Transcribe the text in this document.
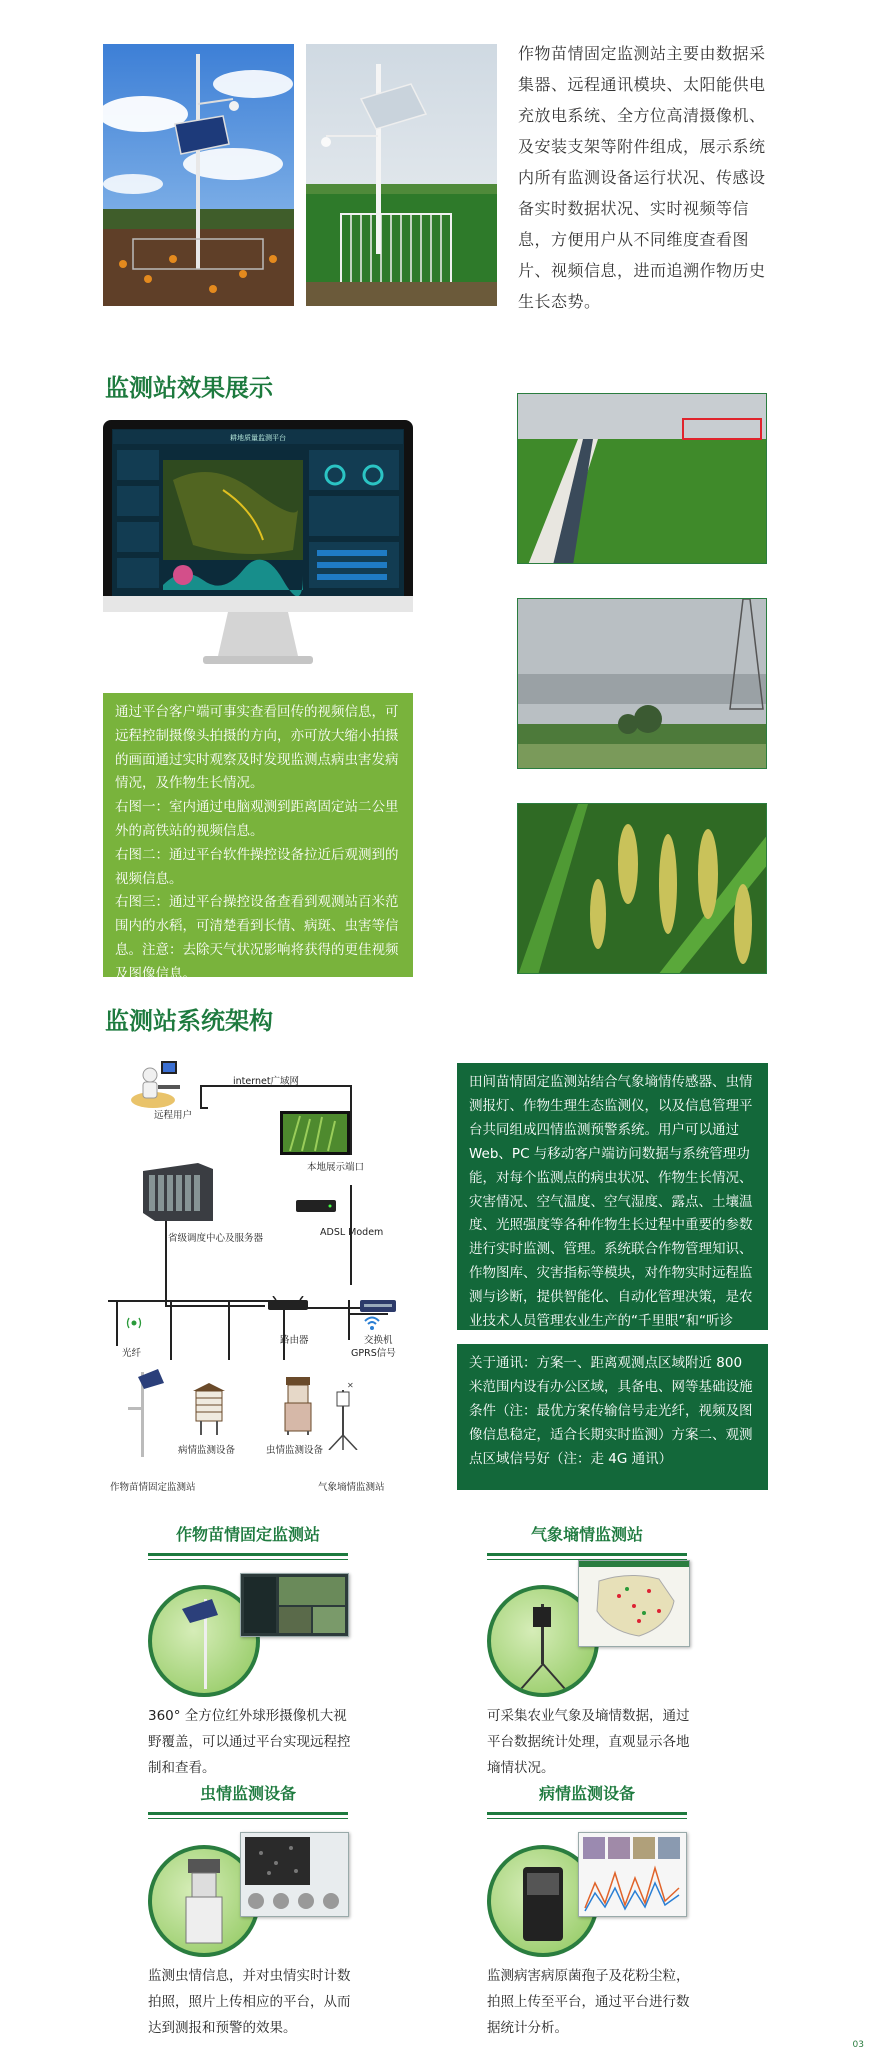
作物苗情固定监测站主要由数据采集器、远程通讯模块、太阳能供电充放电系统、全方位高清摄像机、及安装支架等附件组成，展示系统内所有监测设备运行状况、传感设备实时数据状况、实时视频等信息，方便用户从不同维度查看图片、视频信息，进而追溯作物历史生长态势。
监测站效果展示
耕地质量监测平台

通过平台客户端可事实查看回传的视频信息，可远程控制摄像头拍摄的方向，亦可放大缩小拍摄的画面通过实时观察及时发现监测点病虫害发病情况，及作物生长情况。

右图一：室内通过电脑观测到距离固定站二公里外的高铁站的视频信息。

右图二：通过平台软件操控设备拉近后观测到的视频信息。

右图三：通过平台操控设备查看到观测站百米范围内的水稻，可清楚看到长情、病斑、虫害等信息。注意：去除天气状况影响将获得的更佳视频及图像信息。

监测站系统架构
远程用户
internet广域网
本地展示端口
省级调度中心及服务器
ADSL Modem
路由器	交换机
光纤	GPRS信号
病情监测设备	虫情监测设备
✕
作物苗情固定监测站	气象墒情监测站

田间苗情固定监测站结合气象墒情传感器、虫情测报灯、作物生理生态监测仪，以及信息管理平台共同组成四情监测预警系统。用户可以通过Web、PC 与移动客户端访问数据与系统管理功能，对每个监测点的病虫状况、作物生长情况、灾害情况、空气温度、空气湿度、露点、土壤温度、光照强度等各种作物生长过程中重要的参数进行实时监测、管理。系统联合作物管理知识、作物图库、灾害指标等模块，对作物实时远程监测与诊断，提供智能化、自动化管理决策，是农业技术人员管理农业生产的“千里眼”和“听诊

关于通讯：方案一、距离观测点区域附近 800 米范围内设有办公区域，具备电、网等基础设施条件（注：最优方案传输信号走光纤，视频及图像信息稳定，适合长期实时监测）方案二、观测点区域信号好（注：走 4G 通讯）

作物苗情固定监测站
360° 全方位红外球形摄像机大视野覆盖，可以通过平台实现远程控制和查看。
气象墒情监测站
可采集农业气象及墒情数据，通过平台数据统计处理，直观显示各地墒情状况。
虫情监测设备
监测虫情信息，并对虫情实时计数拍照，照片上传相应的平台，从而达到测报和预警的效果。
病情监测设备
监测病害病原菌孢子及花粉尘粒，拍照上传至平台，通过平台进行数据统计分析。
03
